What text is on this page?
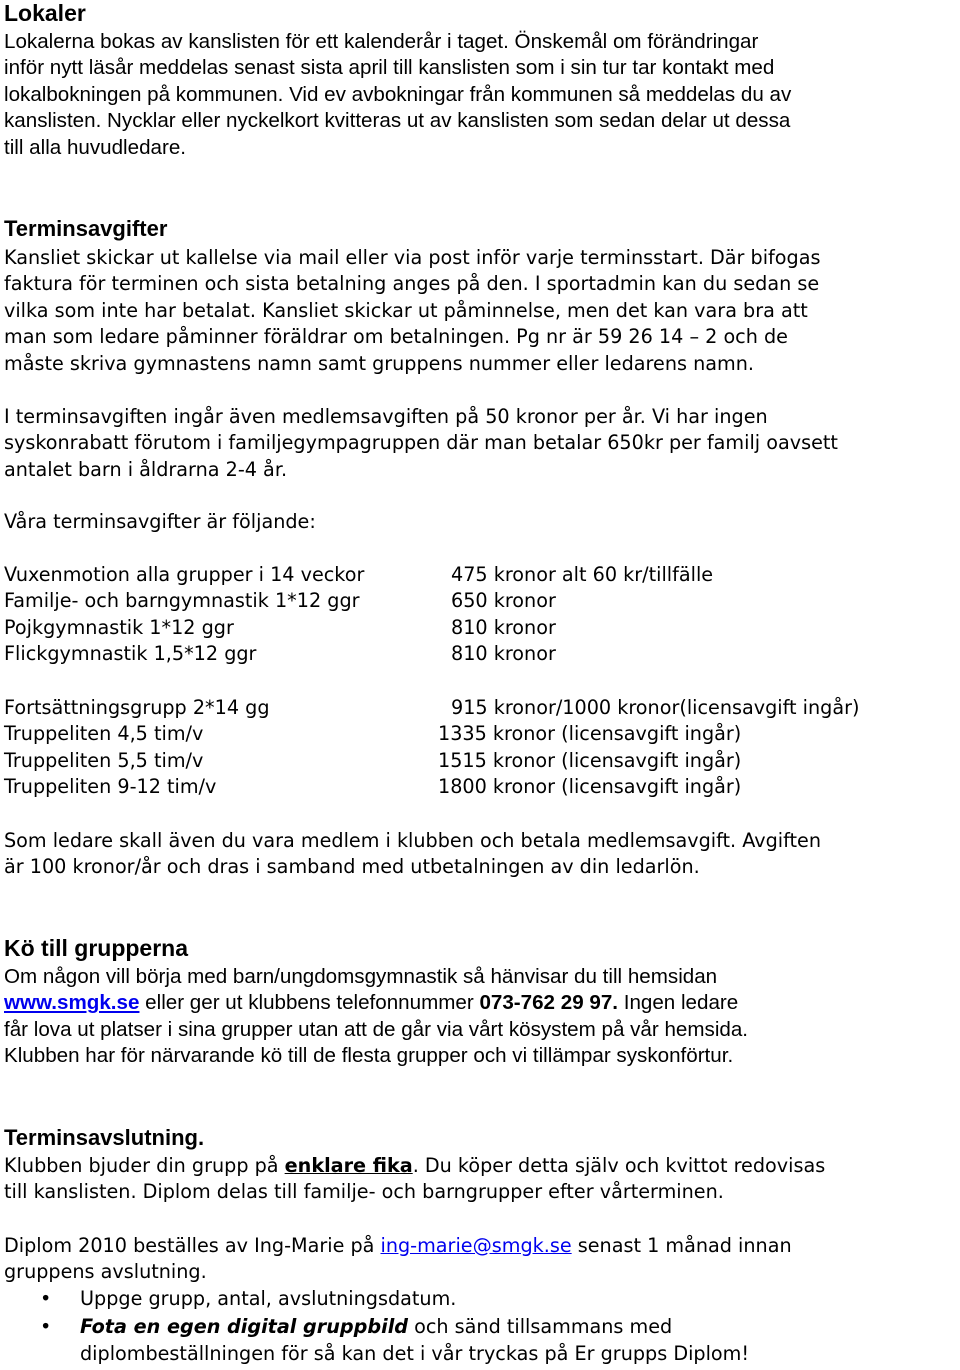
Lokaler
Lokalerna bokas av kanslisten för ett kalenderår i taget. Önskemål om förändringar
inför nytt läsår meddelas senast sista april till kanslisten som i sin tur tar kontakt med
lokalbokningen på kommunen. Vid ev avbokningar från kommunen så meddelas du av
kanslisten. Nycklar eller nyckelkort kvitteras ut av kanslisten som sedan delar ut dessa
till alla huvudledare.
Terminsavgifter
Kansliet skickar ut kallelse via mail eller via post inför varje terminsstart. Där bifogas
faktura för terminen och sista betalning anges på den. I sportadmin kan du sedan se
vilka som inte har betalat. Kansliet skickar ut påminnelse, men det kan vara bra att
man som ledare påminner föräldrar om betalningen. Pg nr är 59 26 14 – 2 och de
måste skriva gymnastens namn samt gruppens nummer eller ledarens namn.
I terminsavgiften ingår även medlemsavgiften på 50 kronor per år. Vi har ingen
syskonrabatt förutom i familjegympagruppen där man betalar 650kr per familj oavsett
antalet barn i åldrarna 2-4 år.
Våra terminsavgifter är följande:
Vuxenmotion alla grupper i 14 veckor	475 kronor alt 60 kr/tillfälle
Familje- och barngymnastik 1*12 ggr	650 kronor
Pojkgymnastik 1*12 ggr	810 kronor
Flickgymnastik 1,5*12 ggr	810 kronor
Fortsättningsgrupp 2*14 gg	915 kronor/1000 kronor(licensavgift ingår)
Truppeliten 4,5 tim/v	1335 kronor (licensavgift ingår)
Truppeliten 5,5 tim/v	1515 kronor (licensavgift ingår)
Truppeliten 9-12 tim/v	1800 kronor (licensavgift ingår)
Som ledare skall även du vara medlem i klubben och betala medlemsavgift. Avgiften
är 100 kronor/år och dras i samband med utbetalningen av din ledarlön.
Kö till grupperna
Om någon vill börja med barn/ungdomsgymnastik så hänvisar du till hemsidan
www.smgk.se eller ger ut klubbens telefonnummer 073-762 29 97. Ingen ledare
får lova ut platser i sina grupper utan att de går via vårt kösystem på vår hemsida.
Klubben har för närvarande kö till de flesta grupper och vi tillämpar syskonförtur.
Terminsavslutning.
Klubben bjuder din grupp på enklare fika. Du köper detta själv och kvittot redovisas
till kanslisten. Diplom delas till familje- och barngrupper efter vårterminen.
Diplom 2010 beställes av Ing-Marie på ing-marie@smgk.se senast 1 månad innan
gruppens avslutning.
• Uppge grupp, antal, avslutningsdatum.
• Fota en egen digital gruppbild och sänd tillsammans med
diplombeställningen för så kan det i vår tryckas på Er grupps Diplom!
